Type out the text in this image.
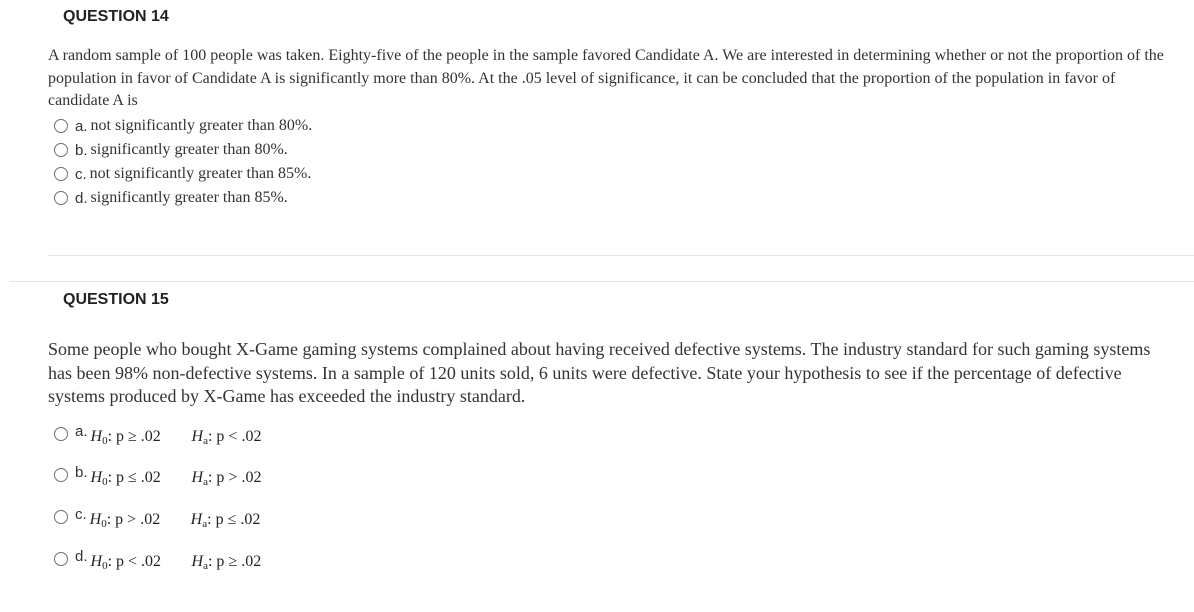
QUESTION 14

A random sample of 100 people was taken. Eighty-five of the people in the sample favored Candidate A. We are interested in determining whether or not the proportion of the population in favor of Candidate A is significantly more than 80%. At the .05 level of significance, it can be concluded that the proportion of the population in favor of candidate A is

a. not significantly greater than 80%.
b. significantly greater than 80%.
c. not significantly greater than 85%.
d. significantly greater than 85%.
QUESTION 15

Some people who bought X-Game gaming systems complained about having received defective systems. The industry standard for such gaming systems has been 98% non-defective systems. In a sample of 120 units sold, 6 units were defective. State your hypothesis to see if the percentage of defective systems produced by X-Game has exceeded the industry standard.

a. $H_0$: p ≥ .02	$H_a$: p < .02
b. $H_0$: p ≤ .02	$H_a$: p > .02
c. $H_0$: p > .02	$H_a$: p ≤ .02
d. $H_0$: p < .02	$H_a$: p ≥ .02
